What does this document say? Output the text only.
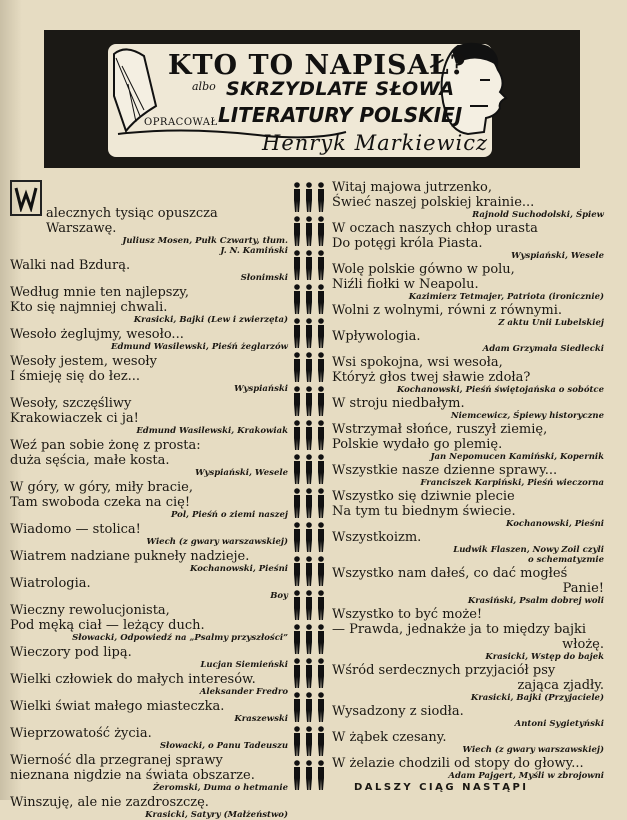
KTO TO NAPISAŁ?
albo SKRZYDLATE SŁOWA
LITERATURY POLSKIEJ
OPRACOWAŁ
Henryk Markiewicz
alecznych tysiąc opuszcza Warszawę.
Juliusz Mosen, Pułk Czwarty, tłum.
J. N. Kamiński
Walki nad Bzdurą.
Słonimski
Według mnie ten najlepszy,
Kto się najmniej chwali.
Krasicki, Bajki (Lew i zwierzęta)
Wesoło żeglujmy, wesoło...
Edmund Wasilewski, Pieśń żeglarzów
Wesoły jestem, wesoły
I śmieję się do łez...
Wyspiański
Wesoły, szczęśliwy
Krakowiaczek ci ja!
Edmund Wasilewski, Krakowiak
Weź pan sobie żonę z prosta:
duża sęścia, małe kosta.
Wyspiański, Wesele
W góry, w góry, miły bracie,
Tam swoboda czeka na cię!
Pol, Pieśń o ziemi naszej
Wiadomo — stolica!
Wiech (z gwary warszawskiej)
Wiatrem nadziane pukneły nadzieje.
Kochanowski, Pieśni
Wiatrologia.
Boy
Wieczny rewolucjonista,
Pod męką ciał — leżący duch.
Słowacki, Odpowiedź na „Psalmy przyszłości”
Wieczory pod lipą.
Lucjan Siemieński
Wielki człowiek do małych interesów.
Aleksander Fredro
Wielki świat małego miasteczka.
Kraszewski
Wieprzowatość życia.
Słowacki, o Panu Tadeuszu
Wierność dla przegranej sprawy
nieznana nigdzie na świata obszarze.
Żeromski, Duma o hetmanie
Winszuję, ale nie zazdroszczę.
Krasicki, Satyry (Małżeństwo)
Witaj majowa jutrzenko,
Świeć naszej polskiej krainie...
Rajnold Suchodolski, Śpiew
W oczach naszych chłop urasta
Do potęgi króla Piasta.
Wyspiański, Wesele
Wolę polskie gówno w polu,
Niźli fiołki w Neapolu.
Kazimierz Tetmajer, Patriota (ironicznie)
Wolni z wolnymi, równi z równymi.
Z aktu Unii Lubelskiej
Wpływologia.
Adam Grzymała Siedlecki
Wsi spokojna, wsi wesoła,
Któryż głos twej sławie zdoła?
Kochanowski, Pieśń świętojańska o sobótce
W stroju niedbałym.
Niemcewicz, Śpiewy historyczne
Wstrzymał słońce, ruszył ziemię,
Polskie wydało go plemię.
Jan Nepomucen Kamiński, Kopernik
Wszystkie nasze dzienne sprawy...
Franciszek Karpiński, Pieśń wieczorna
Wszystko się dziwnie plecie
Na tym tu biednym świecie.
Kochanowski, Pieśni
Wszystkoizm.
Ludwik Flaszen, Nowy Zoil czyli
o schematyzmie
Wszystko nam dałeś, co dać mogłeś
Panie!
Krasiński, Psalm dobrej woli
Wszystko to być może!
— Prawda, jednakże ja to między bajki
włożę.
Krasicki, Wstęp do bajek
Wśród serdecznych przyjaciół psy
zająca zjadły.
Krasicki, Bajki (Przyjaciele)
Wysadzony z siodła.
Antoni Sygietyński
W żąbek czesany.
Wiech (z gwary warszawskiej)
W żelazie chodzili od stopy do głowy...
Adam Pajgert, Myśli w zbrojowni
DALSZY CIĄG NASTĄPI
